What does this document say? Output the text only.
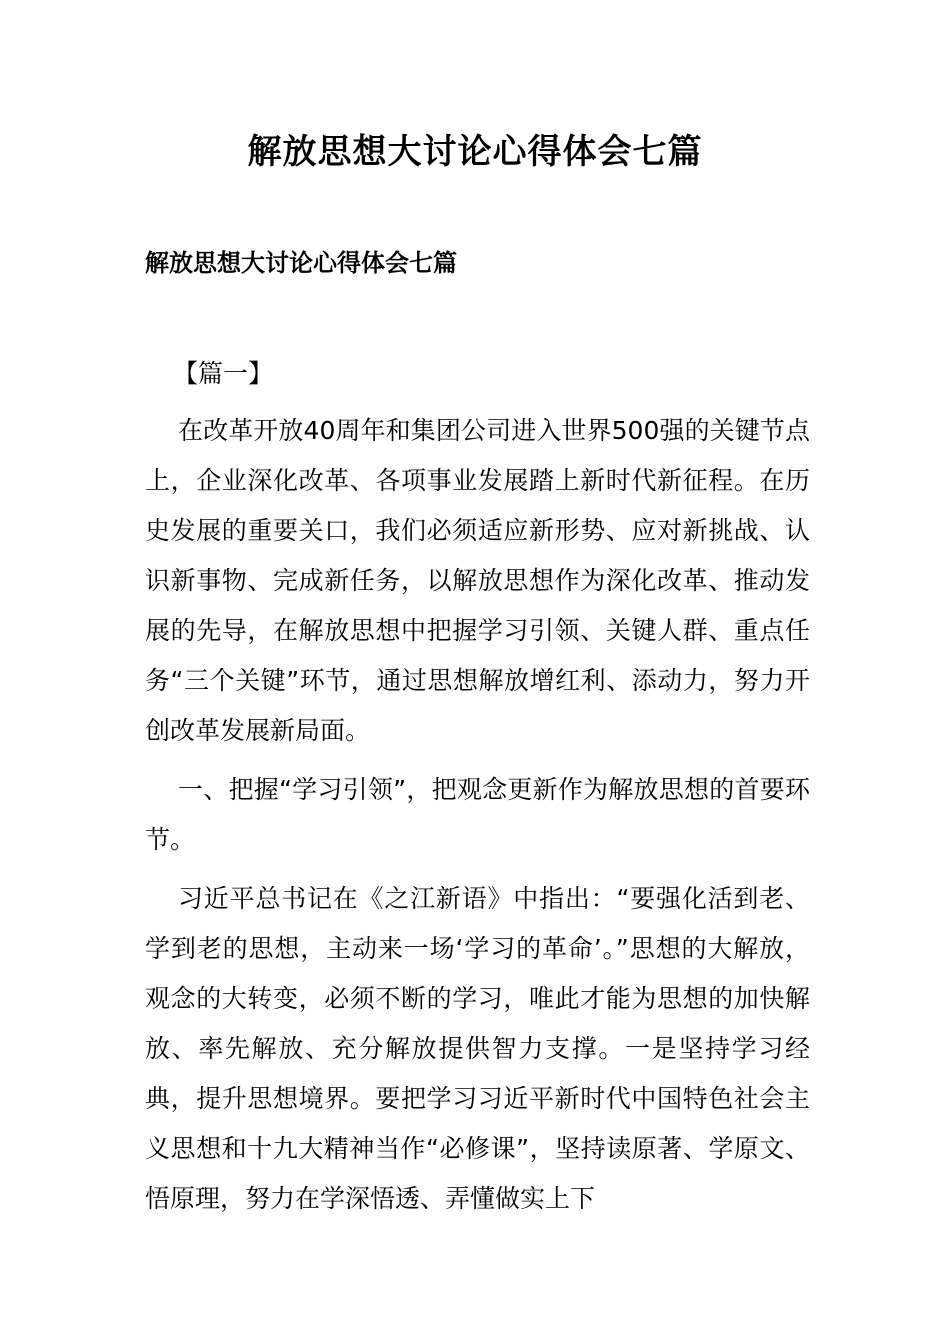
解放思想大讨论心得体会七篇
解放思想大讨论心得体会七篇

【篇一】

在改革开放40周年和集团公司进入世界500强的关键节点上，企业深化改革、各项事业发展踏上新时代新征程。在历史发展的重要关口，我们必须适应新形势、应对新挑战、认识新事物、完成新任务，以解放思想作为深化改革、推动发展的先导，在解放思想中把握学习引领、关键人群、重点任务“三个关键”环节，通过思想解放增红利、添动力，努力开创改革发展新局面。

一、把握“学习引领”，把观念更新作为解放思想的首要环节。

习近平总书记在《之江新语》中指出：“要强化活到老、学到老的思想，主动来一场‘学习的革命’。”思想的大解放，观念的大转变，必须不断的学习，唯此才能为思想的加快解放、率先解放、充分解放提供智力支撑。一是坚持学习经典，提升思想境界。要把学习习近平新时代中国特色社会主义思想和十九大精神当作“必修课”，坚持读原著、学原文、悟原理，努力在学深悟透、弄懂做实上下
